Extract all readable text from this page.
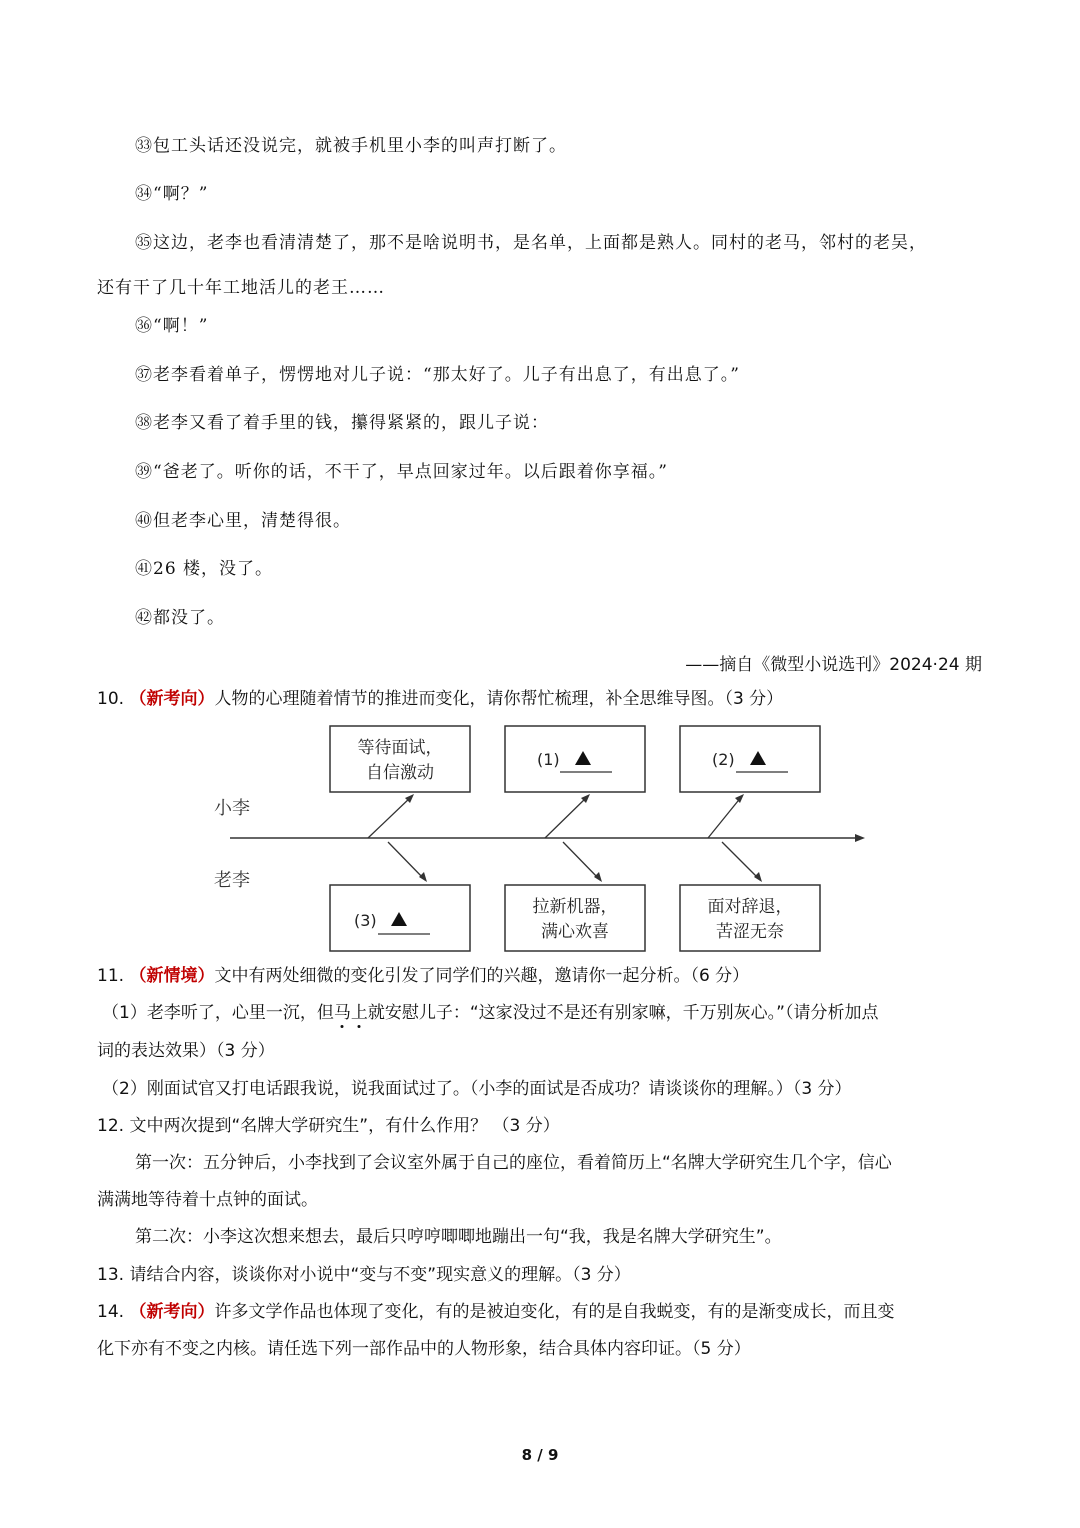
㉝包工头话还没说完，就被手机里小李的叫声打断了。
㉞“啊？”
㉟这边，老李也看清清楚了，那不是啥说明书，是名单，上面都是熟人。同村的老马，邻村的老吴，
还有干了几十年工地活儿的老王……
㊱“啊！”
㊲老李看着单子，愣愣地对儿子说：“那太好了。儿子有出息了，有出息了。”
㊳老李又看了着手里的钱，攥得紧紧的，跟儿子说：
㊴“爸老了。听你的话，不干了，早点回家过年。以后跟着你享福。”
㊵但老李心里，清楚得很。
㊶26 楼，没了。
㊷都没了。
——摘自《微型小说选刊》2024·24 期
10. （新考向）人物的心理随着情节的推进而变化，请你帮忙梳理，补全思维导图。（3 分）
小李
老李
等待面试，
自信激动
(1)	(2)
(3)
拉新机器，
满心欢喜
面对辞退，
苦涩无奈
11. （新情境）文中有两处细微的变化引发了同学们的兴趣，邀请你一起分析。（6 分）
（1）老李听了，心里一沉，但马上就安慰儿子：“这家没过不是还有别家嘛，千万别灰心。”（请分析加点
词的表达效果）（3 分）
（2）刚面试官又打电话跟我说，说我面试过了。（小李的面试是否成功？请谈谈你的理解。）（3 分）
12. 文中两次提到“名牌大学研究生”，有什么作用？ （3 分）
第一次：五分钟后，小李找到了会议室外属于自己的座位，看着简历上“名牌大学研究生几个字，信心
满满地等待着十点钟的面试。
第二次：小李这次想来想去，最后只哼哼唧唧地蹦出一句“我，我是名牌大学研究生”。
13. 请结合内容，谈谈你对小说中“变与不变”现实意义的理解。（3 分）
14. （新考向）许多文学作品也体现了变化，有的是被迫变化，有的是自我蜕变，有的是渐变成长，而且变
化下亦有不变之内核。请任选下列一部作品中的人物形象，结合具体内容印证。（5 分）
8 / 9
